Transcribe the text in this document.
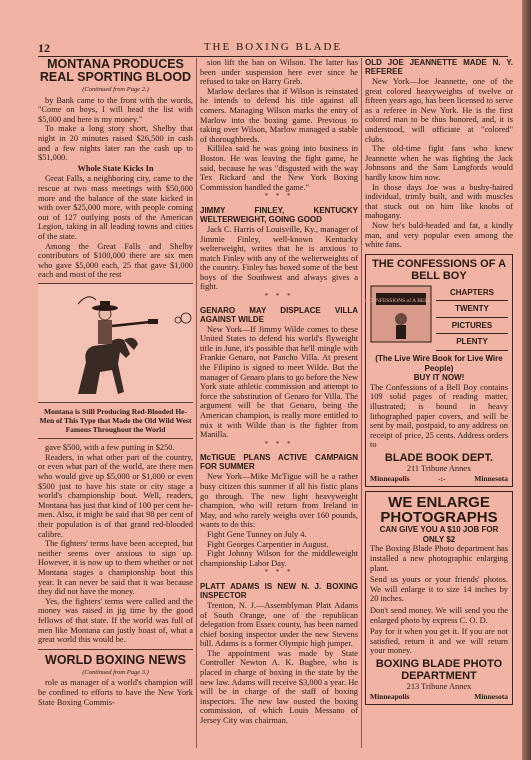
12	THE BOXING BLADE
MONTANA PRODUCES REAL SPORTING BLOOD
(Continued from Page 2.)

by Bank came to the front with the words, "Come on boys, I will head the list with $5,000 and here is my money."

To make a long story short, Shelby that night in 20 minutes raised $26,500 in cash and a few nights later ran the cash up to $51,000.

Whole State Kicks In

Great Falls, a neighboring city, came to the rescue at two mass meetings with $50,000 more and the balance of the state kicked in with over $25,000 more, with people coming out of 127 outlying posts of the American Legion, taking in all leading towns and cities of the state.

Among the Great Falls and Shelby contributors of $100,000 there are six men who gave $5,000 each, 25 that gave $1,000 each and most of the rest

Montana is Still Producing Red-Blooded He-Men of This Type that Made the Old Wild West Famous Throughout the World

gave $500, with a few putting in $250.

Readers, in what other part of the country, or even what part of the world, are there men who would give up $5,000 or $1,000 or even $500 just to have his state or city stage a world's championship bout. Well, readers, Montana has just that kind of 100 per cent he-men. Also, it might be said that 98 per cent of their population is of that grand red-blooded calibre.

The fighters' terms have been accepted, but neither seems over anxious to sign up. However, it is now up to them whether or not Montana stages a championship bout this year. It can never be said that it was because they did not have the money.

Yes, the fighters' terms were called and the money was raised in jig time by the good fellows of that state. If the world was full of men like Montana can justly boast of, what a great world this would be.

WORLD BOXING NEWS
(Continued from Page 3.)

role as manager of a world's champion will be confined to efforts to have the New York State Boxing Commis-

sion lift the ban on Wilson. The latter has been under suspension here ever since he refused to take on Harry Greb.

Marlow declares that if Wilson is reinstated he intends to defend his title against all comers. Managing Wilson marks the entry of Marlow into the boxing game. Previous to taking over Wilson, Marlow managed a stable of thoroughbreds.

Killilea said he was going into business in Boston. He was leaving the fight game, he said, because he was "disgusted with the way Tex Rickard and the New York Boxing Commission handled the game."

* * *
JIMMY FINLEY, KENTUCKY WELTERWEIGHT, GOING GOOD

Jack C. Harris of Louisville, Ky., manager of Jimmie Finley, well-known Kentucky welterweight, writes that he is anxious to match Finley with any of the welterweights of the country. Finley has boxed some of the best boys of the Southwest and always gives a fight.

* * *
GENARO MAY DISPLACE VILLA AGAINST WILDE

New York—If Jimmy Wilde comes to these United States to defend his world's flyweight title in June, it's possible that he'll mingle with Frankie Genaro, not Pancho Villa. At present the Filipino is signed to meet Wilde. But the manager of Genaro plans to go before the New York state athletic commission and attempt to force the substitution of Genaro for Villa. The argument will be that Genaro, being the American champion, is really more entitled to mix it with Wilde than is the fighter from Manilla.

* * *
McTIGUE PLANS ACTIVE CAMPAIGN FOR SUMMER

New York—Mike McTigue will be a rather busy citizen this summer if all his fistic plans go through. The new light heavyweight champion, who will return from Ireland in May, and who rarely weighs over 160 pounds, wants to do this:

Fight Gene Tunney on July 4.

Fight Georges Carpentier in August.

Fight Johnny Wilson for the middleweight championship Labor Day.

* * *
PLATT ADAMS IS NEW N. J. BOXING INSPECTOR

Trenton, N. J.—Assemblyman Platt Adams of South Orange, one of the republican delegation from Essex county, has been named chief boxing inspector under the new Stevens bill. Adams is a former Olympic high jumper.

The appointment was made by State Controller Newton A. K. Bugbee, who is placed in charge of boxing in the state by the new law. Adams will receive $3,000 a year. He will be in charge of the staff of boxing inspectors. The new law ousted the boxing commission, of which Louis Messano of Jersey City was chairman.

OLD JOE JEANNETTE MADE N. Y. REFEREE

New York—Joe Jeannette, one of the great colored heavyweights of twelve or fifteen years ago, has been licensed to serve as a referee in New York. He is the first colored man to be thus honored, and, it is understood, will officiate at "colored" clubs.

The old-time fight fans who knew Jeannette when he was fighting the Jack Johnsons and the Sam Langfords would hardly know him now.

In those days Joe was a bushy-haired individual, trimly built, and with muscles that stuck out on him like knobs of mahogany.

Now he's bald-headed and fat, a kindly man, and very popular even among the white fans.

THE CONFESSIONS OF A BELL BOY
The CONFESSIONS of A BELL BOY
CHAPTERS
TWENTY
PICTURES
PLENTY
(The Live Wire Book for Live Wire People)
BUY IT NOW!

The Confessions of a Bell Boy contains 109 solid pages of reading matter, illustrated; is bound in heavy lithographed paper covers, and will be sent by mail, postpaid, to any address on receipt of price, 25 cents. Address orders to

BLADE BOOK DEPT.
211 Tribune Annex
Minneapolis	-:-	Minnesota
WE ENLARGE
PHOTOGRAPHS
CAN GIVE YOU A $10 JOB FOR ONLY $2

The Boxing Blade Photo department has installed a new photographic enlarging plant.

Send us yours or your friends' photos. We will enlarge it to size 14 inches by 20 inches.

Don't send money. We will send you the enlarged photo by express C. O. D.

Pay for it when you get it. If you are not satisfied, return it and we will return your money.

BOXING BLADE PHOTO DEPARTMENT
213 Tribune Annex
Minneapolis	Minnesota
